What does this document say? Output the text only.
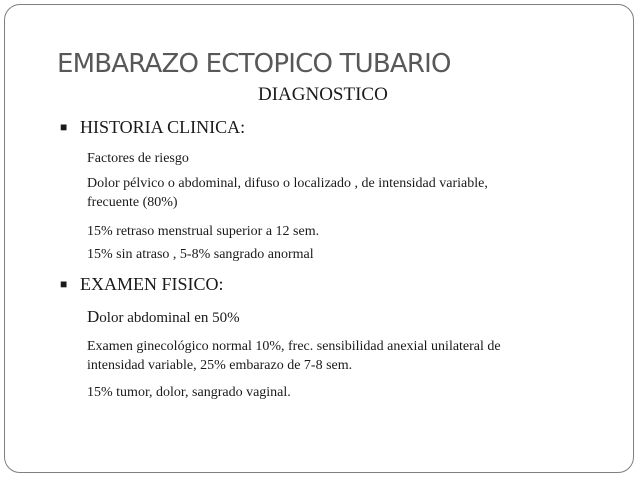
EMBARAZO ECTOPICO TUBARIO
DIAGNOSTICO
■ HISTORIA CLINICA:
Factores de riesgo
Dolor pélvico o abdominal, difuso o localizado , de intensidad variable,
frecuente (80%)
15% retraso menstrual superior a 12 sem.
15% sin atraso , 5-8% sangrado anormal
■ EXAMEN FISICO:
Dolor abdominal en 50%
Examen ginecológico normal 10%, frec. sensibilidad anexial unilateral de
intensidad variable, 25% embarazo de 7-8 sem.
15% tumor, dolor, sangrado vaginal.
